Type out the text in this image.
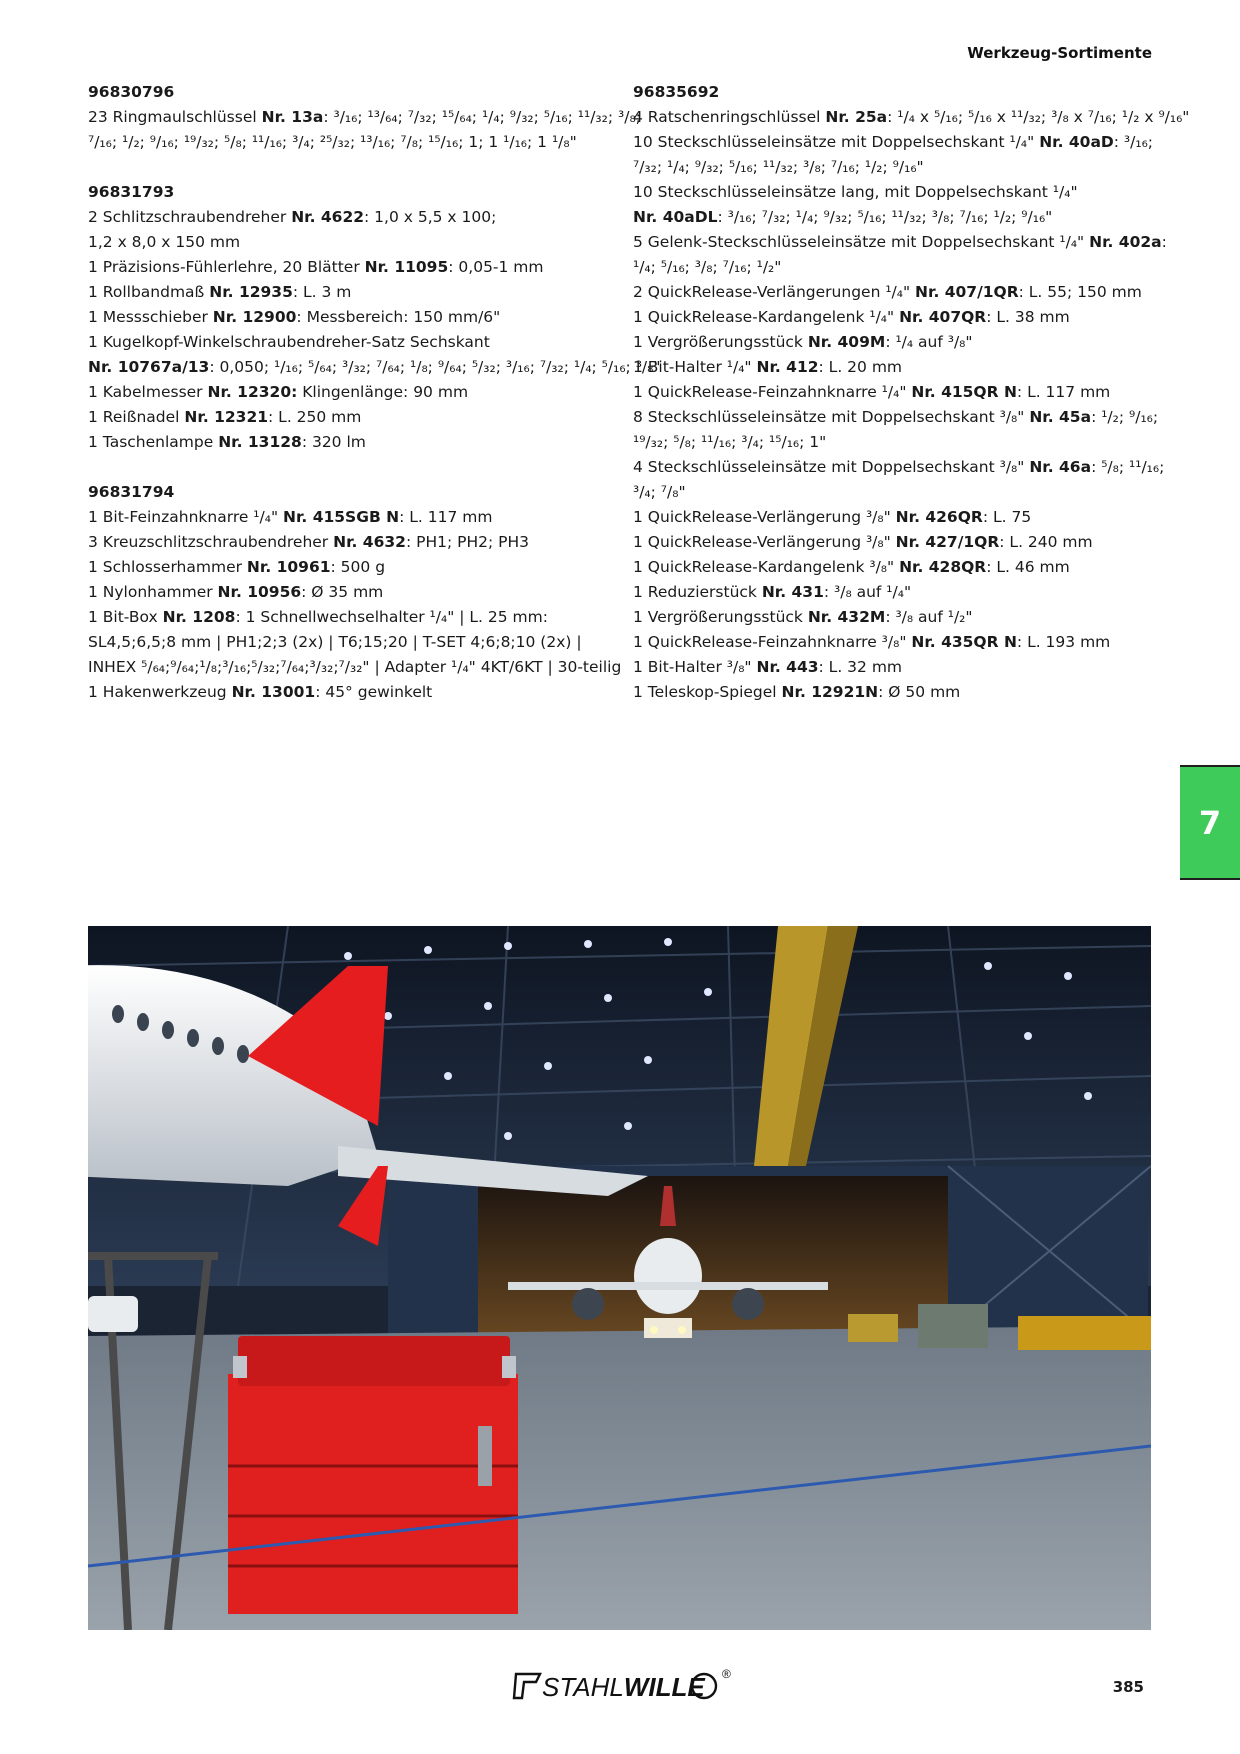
Werkzeug-Sortimente
96830796
23 Ringmaulschlüssel Nr. 13a: ³/₁₆; ¹³/₆₄; ⁷/₃₂; ¹⁵/₆₄; ¹/₄; ⁹/₃₂; ⁵/₁₆; ¹¹/₃₂; ³/₈;
⁷/₁₆; ¹/₂; ⁹/₁₆; ¹⁹/₃₂; ⁵/₈; ¹¹/₁₆; ³/₄; ²⁵/₃₂; ¹³/₁₆; ⁷/₈; ¹⁵/₁₆; 1; 1 ¹/₁₆; 1 ¹/₈"
96831793
2 Schlitzschraubendreher Nr. 4622: 1,0 x 5,5 x 100;
1,2 x 8,0 x 150 mm
1 Präzisions-Fühlerlehre, 20 Blätter Nr. 11095: 0,05-1 mm
1 Rollbandmaß Nr. 12935: L. 3 m
1 Messschieber Nr. 12900: Messbereich: 150 mm/6"
1 Kugelkopf-Winkelschraubendreher-Satz Sechskant
Nr. 10767a/13: 0,050; ¹/₁₆; ⁵/₆₄; ³/₃₂; ⁷/₆₄; ¹/₈; ⁹/₆₄; ⁵/₃₂; ³/₁₆; ⁷/₃₂; ¹/₄; ⁵/₁₆; ³/₈"
1 Kabelmesser Nr. 12320: Klingenlänge: 90 mm
1 Reißnadel Nr. 12321: L. 250 mm
1 Taschenlampe Nr. 13128: 320 lm
96831794
1 Bit-Feinzahnknarre ¹/₄" Nr. 415SGB N: L. 117 mm
3 Kreuzschlitzschraubendreher Nr. 4632: PH1; PH2; PH3
1 Schlosserhammer Nr. 10961: 500 g
1 Nylonhammer Nr. 10956: Ø 35 mm
1 Bit-Box Nr. 1208: 1 Schnellwechselhalter ¹/₄" | L. 25 mm:
SL4,5;6,5;8 mm | PH1;2;3 (2x) | T6;15;20 | T-SET 4;6;8;10 (2x) |
INHEX ⁵/₆₄;⁹/₆₄;¹/₈;³/₁₆;⁵/₃₂;⁷/₆₄;³/₃₂;⁷/₃₂" | Adapter ¹/₄" 4KT/6KT | 30-teilig
1 Hakenwerkzeug Nr. 13001: 45° gewinkelt
96835692
4 Ratschenringschlüssel Nr. 25a: ¹/₄ x ⁵/₁₆; ⁵/₁₆ x ¹¹/₃₂; ³/₈ x ⁷/₁₆; ¹/₂ x ⁹/₁₆"
10 Steckschlüsseleinsätze mit Doppelsechskant ¹/₄" Nr. 40aD: ³/₁₆;
⁷/₃₂; ¹/₄; ⁹/₃₂; ⁵/₁₆; ¹¹/₃₂; ³/₈; ⁷/₁₆; ¹/₂; ⁹/₁₆"
10 Steckschlüsseleinsätze lang, mit Doppelsechskant ¹/₄"
Nr. 40aDL: ³/₁₆; ⁷/₃₂; ¹/₄; ⁹/₃₂; ⁵/₁₆; ¹¹/₃₂; ³/₈; ⁷/₁₆; ¹/₂; ⁹/₁₆"
5 Gelenk-Steckschlüsseleinsätze mit Doppelsechskant ¹/₄" Nr. 402a:
¹/₄; ⁵/₁₆; ³/₈; ⁷/₁₆; ¹/₂"
2 QuickRelease-Verlängerungen ¹/₄" Nr. 407/1QR: L. 55; 150 mm
1 QuickRelease-Kardangelenk ¹/₄" Nr. 407QR: L. 38 mm
1 Vergrößerungsstück Nr. 409M: ¹/₄ auf ³/₈"
1 Bit-Halter ¹/₄" Nr. 412: L. 20 mm
1 QuickRelease-Feinzahnknarre ¹/₄" Nr. 415QR N: L. 117 mm
8 Steckschlüsseleinsätze mit Doppelsechskant ³/₈" Nr. 45a: ¹/₂; ⁹/₁₆;
¹⁹/₃₂; ⁵/₈; ¹¹/₁₆; ³/₄; ¹⁵/₁₆; 1"
4 Steckschlüsseleinsätze mit Doppelsechskant ³/₈" Nr. 46a: ⁵/₈; ¹¹/₁₆;
³/₄; ⁷/₈"
1 QuickRelease-Verlängerung ³/₈" Nr. 426QR: L. 75
1 QuickRelease-Verlängerung ³/₈" Nr. 427/1QR: L. 240 mm
1 QuickRelease-Kardangelenk ³/₈" Nr. 428QR: L. 46 mm
1 Reduzierstück Nr. 431: ³/₈ auf ¹/₄"
1 Vergrößerungsstück Nr. 432M: ³/₈ auf ¹/₂"
1 QuickRelease-Feinzahnknarre ³/₈" Nr. 435QR N: L. 193 mm
1 Bit-Halter ³/₈" Nr. 443: L. 32 mm
1 Teleskop-Spiegel Nr. 12921N: Ø 50 mm
7
STAHLWILLE ®
385
